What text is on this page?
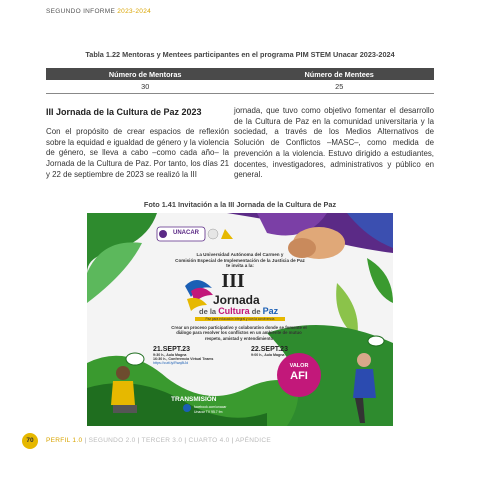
SEGUNDO INFORME 2023-2024
Tabla 1.22 Mentoras y Mentees participantes en el programa PIM STEM Unacar 2023-2024
Número de Mentoras	Número de Mentees
30	25
III Jornada de la Cultura de Paz 2023
Con el propósito de crear espacios de reflexión sobre la equidad e igualdad de género y la violencia de género, se lleva a cabo –como cada año– la Jornada de la Cultura de Paz. Por tanto, los días 21 y 22 de septiembre de 2023 se realizó la III
jornada, que tuvo como objetivo fomentar el desarrollo de la Cultura de Paz en la comunidad universitaria y la sociedad, a través de los Medios Alternativos de Solución de Conflictos –MASC–, como medida de prevención a la violencia. Estuvo dirigido a estudiantes, docentes, investigadores, administrativos y público en general.
Foto 1.41 Invitación a la III Jornada de la Cultura de Paz
UNACAR
La Universidad Autónoma del Carmen y
Comisión Especial de Implementación de la Justicia de Paz
te invita a la:
III
Jornada
de la Cultura de Paz
Paz para educación integral y con la convivencia
Crear un proceso participativo y colaborativo donde se fomente el
diálogo para resolver los conflictos en un ambiente de mutuo
respeto, amistad y entendimiento
21.SEPT.23
9:30 h., Aula Magna
16:30 h., Conferencia Virtual Teams
https://cutt.ly/Rwq8tJd
22.SEPT.23
9:00 h., Aula Magna
VALOR
AFI
TRANSMISIÓN
facebook.com/unacar
Unacar TV 95.7 fm
70	PERFIL 1.0 | SEGUNDO 2.0 | TERCER 3.0 | CUARTO 4.0 | APÉNDICE
